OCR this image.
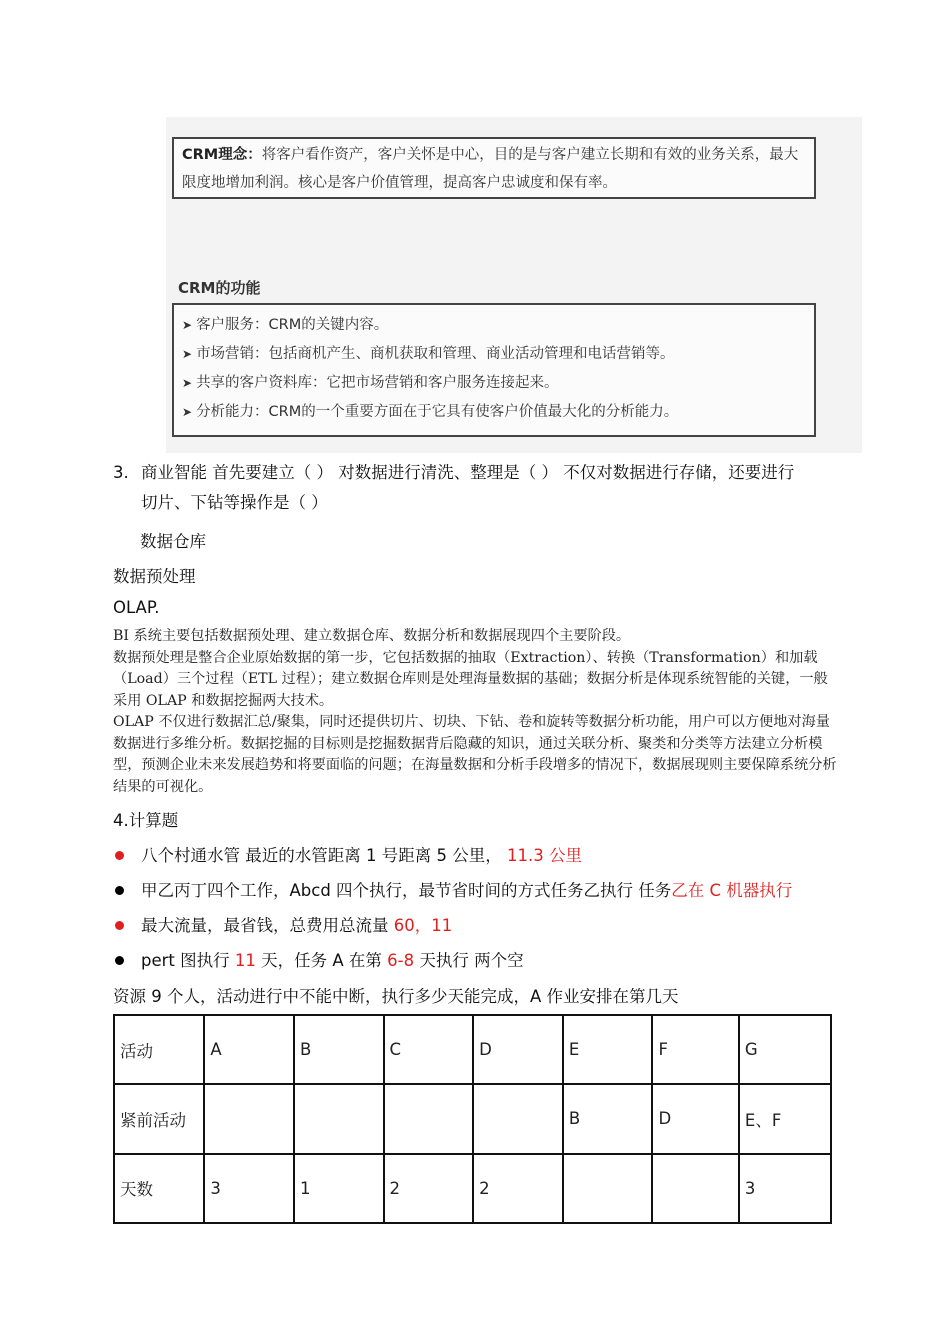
CRM理念：将客户看作资产，客户关怀是中心，目的是与客户建立长期和有效的业务关系，最大限度地增加利润。核心是客户价值管理，提高客户忠诚度和保有率。
CRM的功能
➤ 客户服务：CRM的关键内容。
➤ 市场营销：包括商机产生、商机获取和管理、商业活动管理和电话营销等。
➤ 共享的客户资料库：它把市场营销和客户服务连接起来。
➤ 分析能力：CRM的一个重要方面在于它具有使客户价值最大化的分析能力。
3. 商业智能 首先要建立（ ） 对数据进行清洗、整理是（ ） 不仅对数据进行存储，还要进行
切片、下钻等操作是（ ）
数据仓库
数据预处理
OLAP.

BI 系统主要包括数据预处理、建立数据仓库、数据分析和数据展现四个主要阶段。

数据预处理是整合企业原始数据的第一步，它包括数据的抽取（Extraction）、转换（Transformation）和加载（Load）三个过程（ETL 过程）；建立数据仓库则是处理海量数据的基础；数据分析是体现系统智能的关键，一般采用 OLAP 和数据挖掘两大技术。

OLAP 不仅进行数据汇总/聚集，同时还提供切片、切块、下钻、卷和旋转等数据分析功能，用户可以方便地对海量数据进行多维分析。数据挖掘的目标则是挖掘数据背后隐藏的知识，通过关联分析、聚类和分类等方法建立分析模型，预测企业未来发展趋势和将要面临的问题；在海量数据和分析手段增多的情况下，数据展现则主要保障系统分析结果的可视化。

4.计算题
八个村通水管 最近的水管距离 1 号距离 5 公里， 11.3 公里
甲乙丙丁四个工作，Abcd 四个执行，最节省时间的方式任务乙执行 任务乙在 C 机器执行
最大流量，最省钱，总费用总流量 60，11
pert 图执行 11 天，任务 A 在第 6-8 天执行 两个空
资源 9 个人，活动进行中不能中断，执行多少天能完成，A 作业安排在第几天
活动	A	B	C	D	E	F	G
紧前活动					B	D	E、F
天数	3	1	2	2			3
